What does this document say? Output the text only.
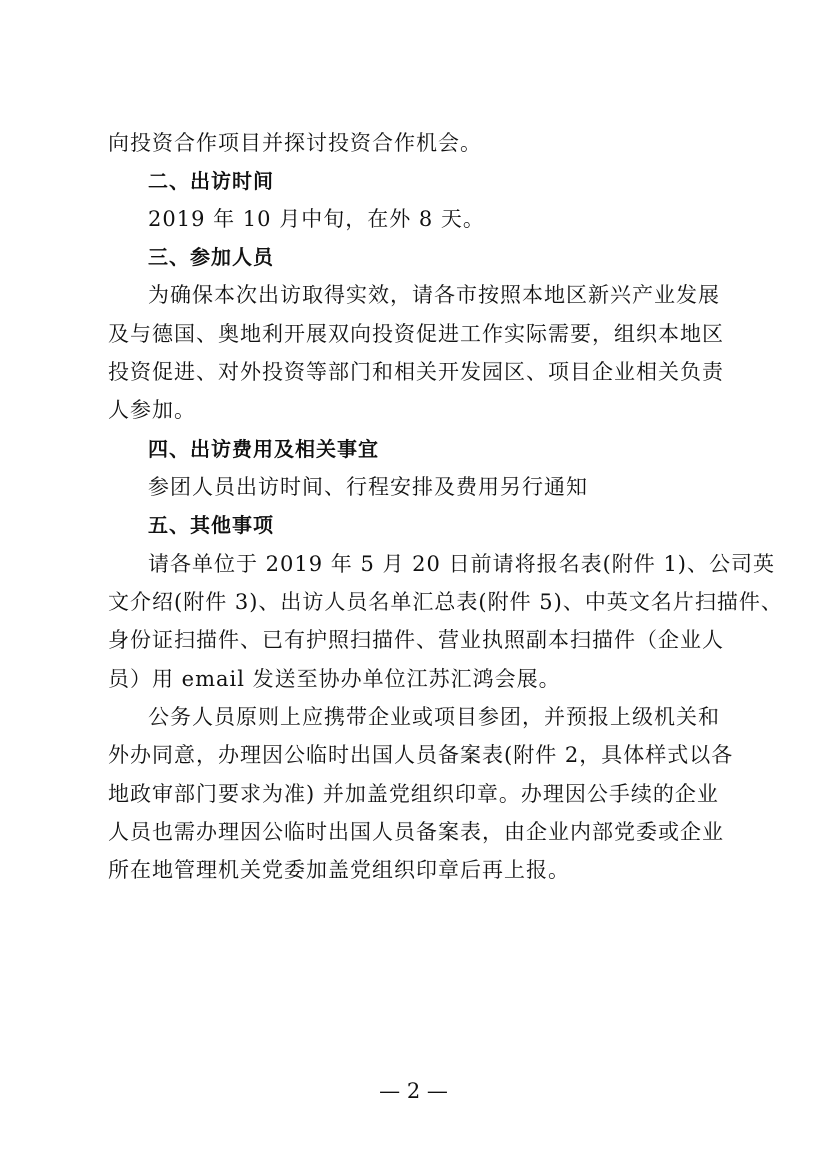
向投资合作项目并探讨投资合作机会。
二、出访时间
2019 年 10 月中旬，在外 8 天。
三、参加人员
为确保本次出访取得实效，请各市按照本地区新兴产业发展
及与德国、奥地利开展双向投资促进工作实际需要，组织本地区
投资促进、对外投资等部门和相关开发园区、项目企业相关负责
人参加。
四、出访费用及相关事宜
参团人员出访时间、行程安排及费用另行通知
五、其他事项
请各单位于 2019 年 5 月 20 日前请将报名表(附件 1)、公司英
文介绍(附件 3)、出访人员名单汇总表(附件 5)、中英文名片扫描件、
身份证扫描件、已有护照扫描件、营业执照副本扫描件（企业人
员）用 email 发送至协办单位江苏汇鸿会展。
公务人员原则上应携带企业或项目参团，并预报上级机关和
外办同意，办理因公临时出国人员备案表(附件 2，具体样式以各
地政审部门要求为准) 并加盖党组织印章。办理因公手续的企业
人员也需办理因公临时出国人员备案表，由企业内部党委或企业
所在地管理机关党委加盖党组织印章后再上报。
— 2 —
